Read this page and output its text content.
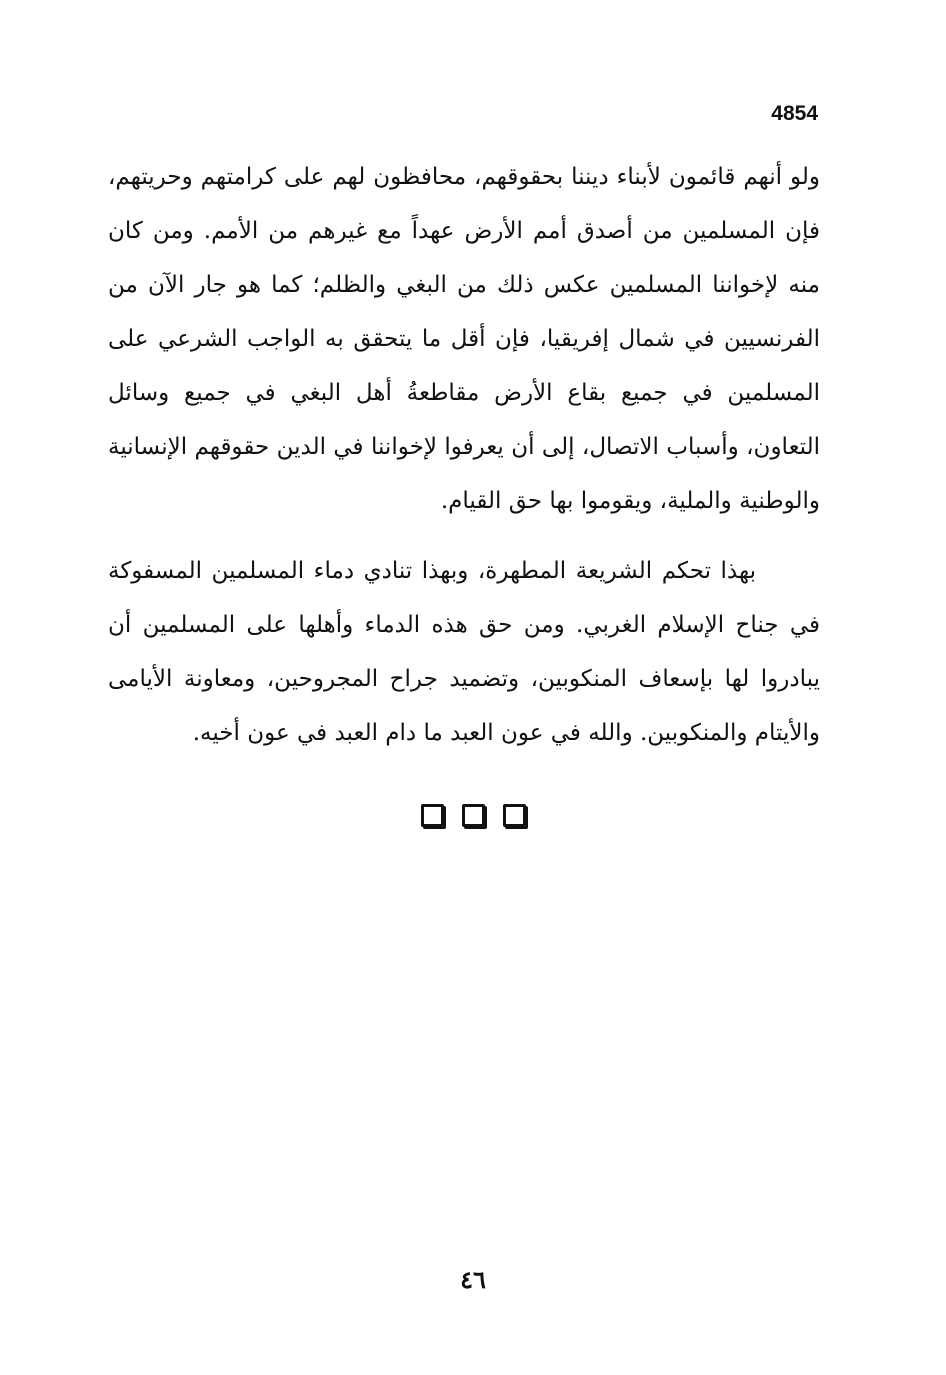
4854

ولو أنهم قائمون لأبناء ديننا بحقوقهم، محافظون لهم على كرامتهم وحريتهم، فإن المسلمين من أصدق أمم الأرض عهداً مع غيرهم من الأمم. ومن كان منه لإخواننا المسلمين عكس ذلك من البغي والظلم؛ كما هو جار الآن من الفرنسيين في شمال إفريقيا، فإن أقل ما يتحقق به الواجب الشرعي على المسلمين في جميع بقاع الأرض مقاطعةُ أهل البغي في جميع وسائل التعاون، وأسباب الاتصال، إلى أن يعرفوا لإخواننا في الدين حقوقهم الإنسانية والوطنية والملية، ويقوموا بها حق القيام.

بهذا تحكم الشريعة المطهرة، وبهذا تنادي دماء المسلمين المسفوكة في جناح الإسلام الغربي. ومن حق هذه الدماء وأهلها على المسلمين أن يبادروا لها بإسعاف المنكوبين، وتضميد جراح المجروحين، ومعاونة الأيامى والأيتام والمنكوبين. والله في عون العبد ما دام العبد في عون أخيه.

٤٦
